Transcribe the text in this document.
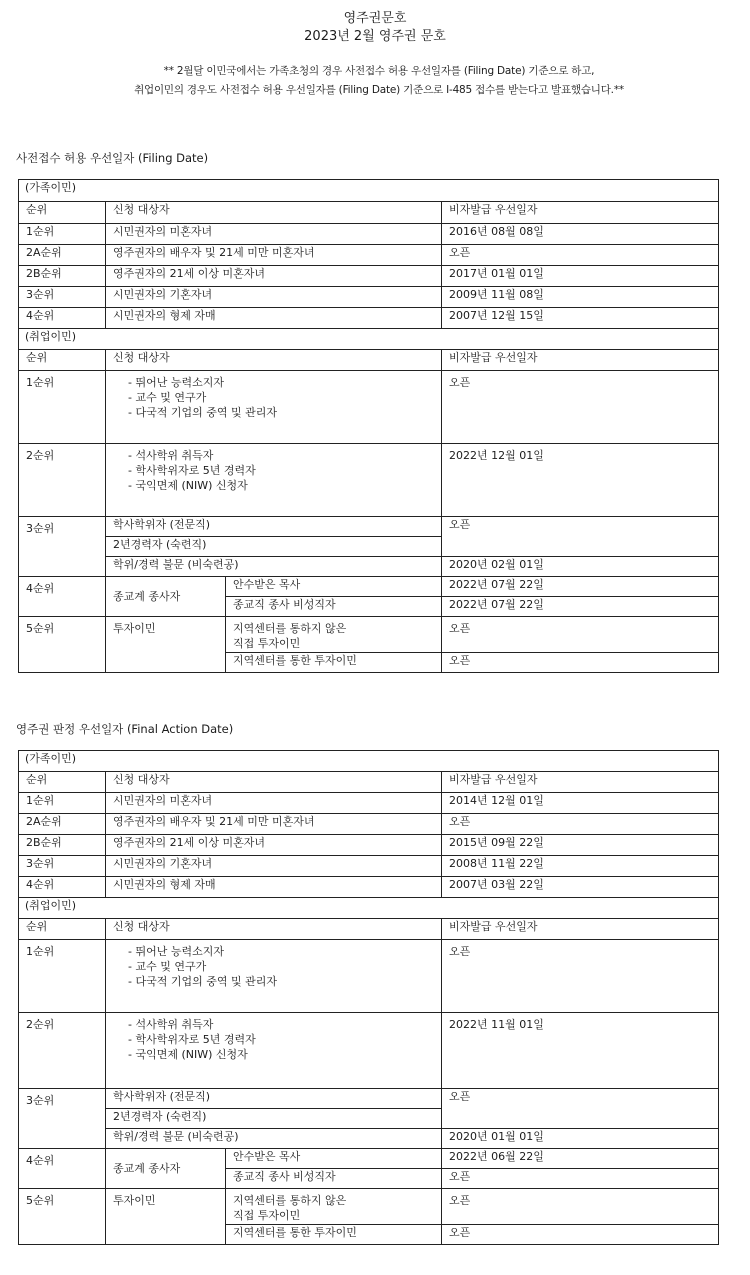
영주권문호
2023년 2월 영주권 문호
** 2월달 이민국에서는 가족초청의 경우 사전접수 허용 우선일자를 (Filing Date) 기준으로 하고,
취업이민의 경우도 사전접수 허용 우선일자를 (Filing Date) 기준으로 I-485 접수를 받는다고 발표했습니다.**
사전접수 허용 우선일자 (Filing Date)
(가족이민)			
순위	신청 대상자		비자발급 우선일자
1순위	시민권자의 미혼자녀		2016년 08월 08일
2A순위	영주권자의 배우자 및 21세 미만 미혼자녀		오픈
2B순위	영주권자의 21세 이상 미혼자녀		2017년 01월 01일
3순위	시민권자의 기혼자녀		2009년 11월 08일
4순위	시민권자의 형제 자매		2007년 12월 15일
(취업이민)			
순위	신청 대상자		비자발급 우선일자
1순위	- 뛰어난 능력소지자
- 교수 및 연구가
- 다국적 기업의 중역 및 관리자		오픈
2순위	- 석사학위 취득자
- 학사학위자로 5년 경력자
- 국익면제 (NIW) 신청자		2022년 12월 01일
3순위	학사학위자 (전문직)		오픈
	2년경력자 (숙련직)		
	학위/경력 불문 (비숙련공)		2020년 02월 01일
4순위	종교계 종사자	안수받은 목사	2022년 07월 22일
		종교직 종사 비성직자	2022년 07월 22일
5순위	투자이민	지역센터를 통하지 않은
직접 투자이민	오픈
		지역센터를 통한 투자이민	오픈
영주권 판정 우선일자 (Final Action Date)
(가족이민)			
순위	신청 대상자		비자발급 우선일자
1순위	시민권자의 미혼자녀		2014년 12월 01일
2A순위	영주권자의 배우자 및 21세 미만 미혼자녀		오픈
2B순위	영주권자의 21세 이상 미혼자녀		2015년 09월 22일
3순위	시민권자의 기혼자녀		2008년 11월 22일
4순위	시민권자의 형제 자매		2007년 03월 22일
(취업이민)			
순위	신청 대상자		비자발급 우선일자
1순위	- 뛰어난 능력소지자
- 교수 및 연구가
- 다국적 기업의 중역 및 관리자		오픈
2순위	- 석사학위 취득자
- 학사학위자로 5년 경력자
- 국익면제 (NIW) 신청자		2022년 11월 01일
3순위	학사학위자 (전문직)		오픈
	2년경력자 (숙련직)		
	학위/경력 불문 (비숙련공)		2020년 01월 01일
4순위	종교계 종사자	안수받은 목사	2022년 06월 22일
		종교직 종사 비성직자	오픈
5순위	투자이민	지역센터를 통하지 않은
직접 투자이민	오픈
		지역센터를 통한 투자이민	오픈
